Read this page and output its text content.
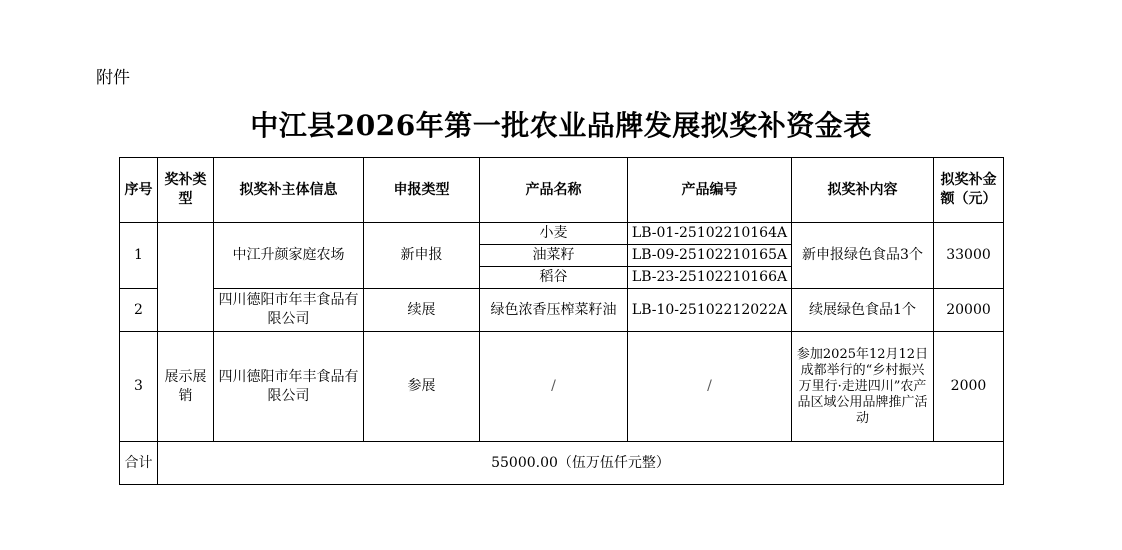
附件
中江县2026年第一批农业品牌发展拟奖补资金表
序号	奖补类型	拟奖补主体信息	申报类型	产品名称	产品编号	拟奖补内容	拟奖补金额（元）
1		中江升颜家庭农场	新申报	小麦	LB-01-25102210164A	新申报绿色食品3个	33000
				油菜籽	LB-09-25102210165A		
				稻谷	LB-23-25102210166A		
2		四川德阳市年丰食品有限公司	续展	绿色浓香压榨菜籽油	LB-10-25102212022A	续展绿色食品1个	20000
3	展示展销	四川德阳市年丰食品有限公司	参展	/	/	参加2025年12月12日成都举行的“乡村振兴万里行·走进四川”农产品区域公用品牌推广活动	2000
合计	55000.00（伍万伍仟元整）						
